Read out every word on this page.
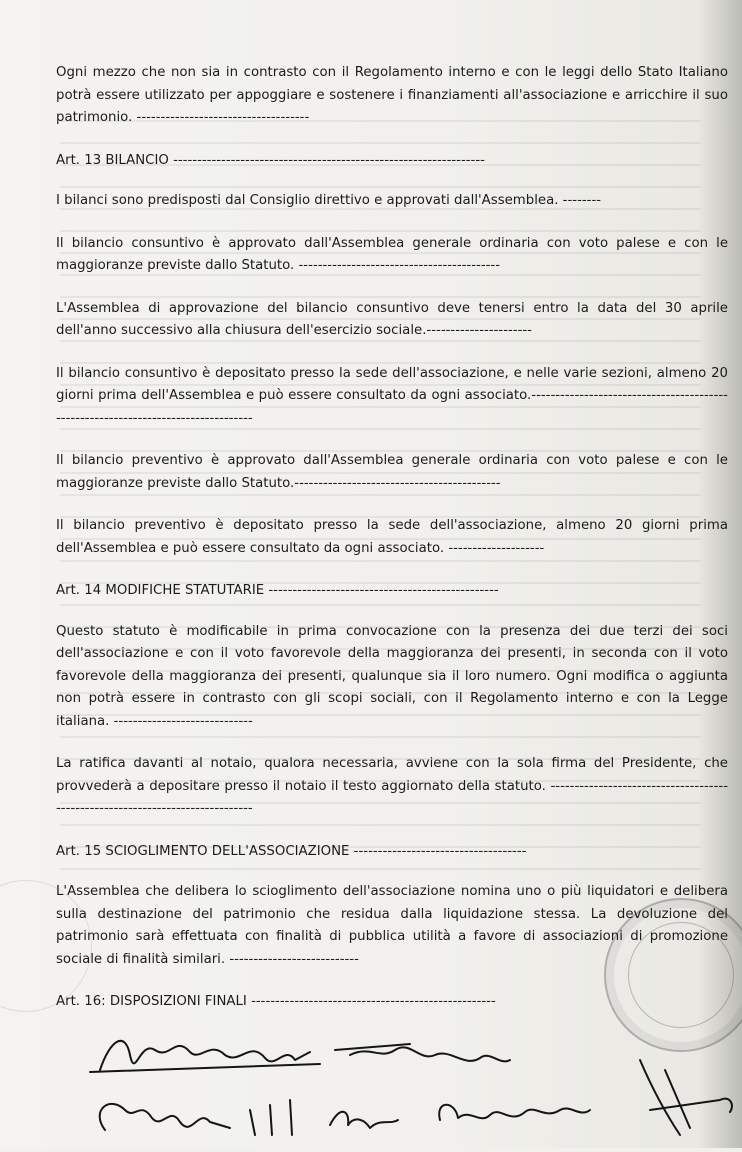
Ogni mezzo che non sia in contrasto con il Regolamento interno e con le leggi dello Stato Italiano potrà essere utilizzato per appoggiare e sostenere i finanziamenti all'associazione e arricchire il suo patrimonio. ------------------------------------

Art. 13 BILANCIO -----------------------------------------------------------------

I bilanci sono predisposti dal Consiglio direttivo e approvati dall'Assemblea. --------

Il bilancio consuntivo è approvato dall'Assemblea generale ordinaria con voto palese e con le maggioranze previste dallo Statuto. ------------------------------------------

L'Assemblea di approvazione del bilancio consuntivo deve tenersi entro la data del 30 aprile dell'anno successivo alla chiusura dell'esercizio sociale.----------------------

Il bilancio consuntivo è depositato presso la sede dell'associazione, e nelle varie sezioni, almeno 20 giorni prima dell'Assemblea e può essere consultato da ogni associato.----------------------------------------------------------------------------------

Il bilancio preventivo è approvato dall'Assemblea generale ordinaria con voto palese e con le maggioranze previste dallo Statuto.-------------------------------------------

Il bilancio preventivo è depositato presso la sede dell'associazione, almeno 20 giorni prima dell'Assemblea e può essere consultato da ogni associato. --------------------

Art. 14 MODIFICHE STATUTARIE ------------------------------------------------

Questo statuto è modificabile in prima convocazione con la presenza dei due terzi dei soci dell'associazione e con il voto favorevole della maggioranza dei presenti, in seconda con il voto favorevole della maggioranza dei presenti, qualunque sia il loro numero. Ogni modifica o aggiunta non potrà essere in contrasto con gli scopi sociali, con il Regolamento interno e con la Legge italiana. -----------------------------

La ratifica davanti al notaio, qualora necessaria, avviene con la sola firma del Presidente, che provvederà a depositare presso il notaio il testo aggiornato della statuto. ------------------------------------------------------------------------------

Art. 15 SCIOGLIMENTO DELL'ASSOCIAZIONE ------------------------------------

L'Assemblea che delibera lo scioglimento dell'associazione nomina uno o più liquidatori e delibera sulla destinazione del patrimonio che residua dalla liquidazione stessa. La devoluzione del patrimonio sarà effettuata con finalità di pubblica utilità a favore di associazioni di promozione sociale di finalità similari. ---------------------------

Art. 16: DISPOSIZIONI FINALI ---------------------------------------------------
